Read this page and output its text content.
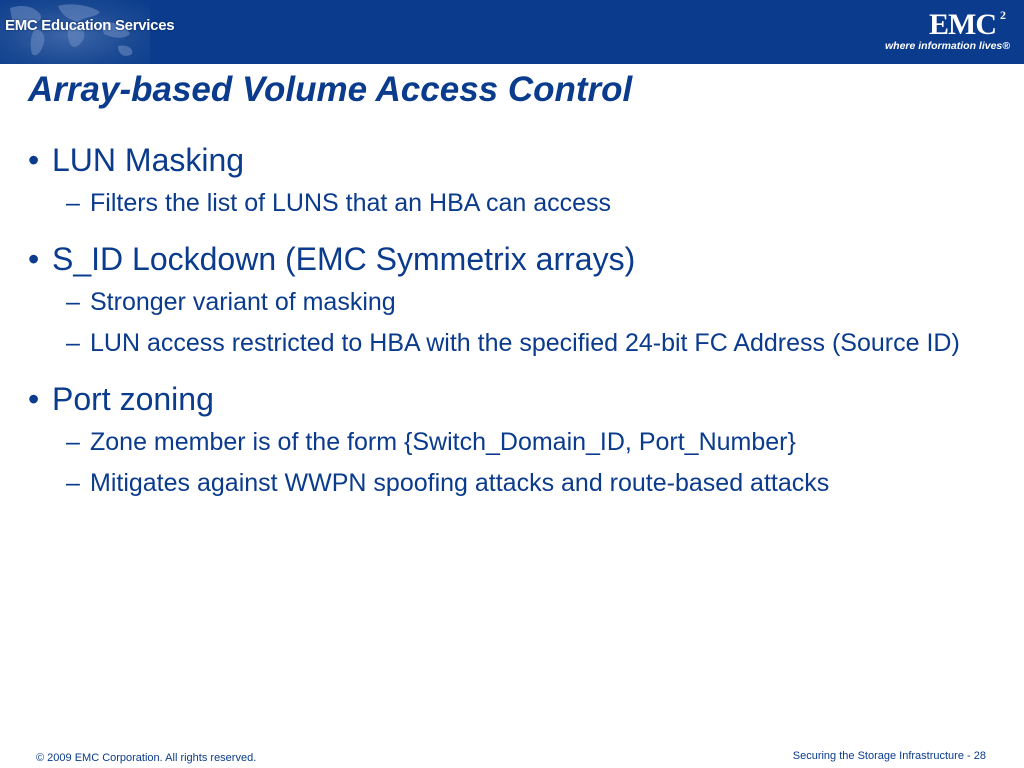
EMC Education Services	EMC 2
where information lives®
Array-based Volume Access Control

• LUN Masking

– Filters the list of LUNS that an HBA can access

• S_ID Lockdown (EMC Symmetrix arrays)

– Stronger variant of masking
– LUN access restricted to HBA with the specified 24-bit FC Address (Source ID)

• Port zoning

– Zone member is of the form {Switch_Domain_ID, Port_Number}
– Mitigates against WWPN spoofing attacks and route-based attacks
© 2009 EMC Corporation. All rights reserved.	Securing the Storage Infrastructure - 28
